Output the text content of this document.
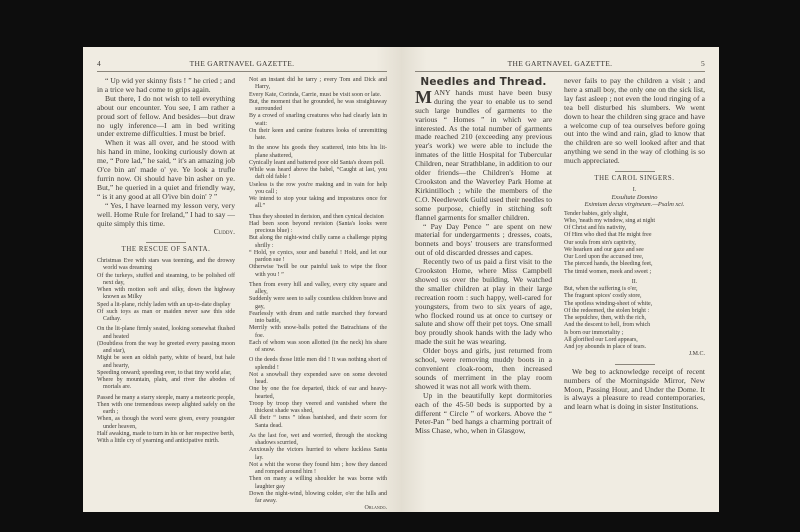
4	THE GARTNAVEL GAZETTE.

“ Up wid yer skinny fists ! ” he cried ; and in a trice we had come to grips again.

But there, I do not wish to tell everything about our encounter. You see, I am rather a proud sort of fellow. And besides—but draw no ugly inference—I am in bed writing under extreme difficulties. I must be brief.

When it was all over, and he stood with his hand in mine, looking curiously down at me, “ Pore lad,” he said, “ it's an amazing job O'ce bin an' made o' ye. Ye look a trufle furrin now. Oi should have bin asher on ye. But,” he queried in a quiet and friendly way, “ is it any good at all O'ive bin doin' ? ”

“ Yes, I have learned my lesson very, very well. Home Rule for Ireland,” I had to say — quite simply this time.

Cuddy.
THE RESCUE OF SANTA.

Christmas Eve with stars was teeming, and the drowsy world was dreaming

Of the turkeys, stuffed and steaming, to be polished off next day,

When with motion soft and silky, down the highway known as Milky

Sped a lit-plane, richly laden with an up-to-date display

Of such toys as man or maiden never saw this side Cathay.

On the lit-plane firmly seated, looking somewhat flushed and heated

(Doubtless from the way he greeted every passing moon and star),

Might be seen an oldish party, white of beard, but hale and hearty,

Speeding onward; speeding ever, to that tiny world afar,

Where by mountain, plain, and river the abodes of mortals are.

Passed he many a starry steeple, many a meteoric people,

Then with one tremendous sweep alighted safely on the earth ;

When, as though the word were given, every youngster under heaven,

Half awaking, made to turn in his or her respective berth,

With a little cry of yearning and anticipative mirth.

Not an instant did he tarry ; every Tom and Dick and Harry,

Every Kate, Corinda, Carrie, must be visit soon or late.

But, the moment that he grounded, he was straightaway surrounded

By a crowd of snarling creatures who had clearly lain in wait:

On their keen and canine features looks of unremitting hate.

In the snow his goods they scattered, into bits his lit-plane shattered,

Cynically leant and battered poor old Santa's dozen poll.

While was heard above the babel, “Caught at last, you daft old fable !

Useless is the row you're making and in vain for help you call ;

We intend to stop your taking and impostures once for all.”

Thus they shouted in derision, and then cynical decision

Had been soon beyond revision (Santa's looks were precious blue) :

But along the night-wind chilly came a challenge piping shrilly :

“ Hold, ye cynics, sour and baneful ! Hold, and let our pardon sue !

Otherwise 'twill be our painful task to wipe the floor with you ! ”

Then from every hill and valley, every city square and alley,

Suddenly were seen to sally countless children brave and gay,

Fearlessly with drum and rattle marched they forward into battle,

Merrily with snow-balls potted the Batrachians of the foe.

Each of whom was soon allotted (in the neck) his share of snow.

O the deeds those little men did ! It was nothing short of splendid !

Not a snowball they expended save on some devoted head.

One by one the foe departed, thick of ear and heavy-hearted,

Troop by troop they veered and vanished where the thickest shade was shed,

All their “ isms ” ideas banished, and their scorn for Santa dead.

As the last foe, wet and worried, through the stocking shadows scurried,

Anxiously the victors hurried to where luckless Santa lay.

Not a whit the worse they found him ; how they danced and romped around him !

Then on many a willing shoulder he was borne with laughter gay

Down the night-wind, blowing colder, o'er the hills and far away.

Orlando.
THE GARTNAVEL GAZETTE.	5
Needles and Thread.

MANY hands must have been busy during the year to enable us to send such large bundles of garments to the various “ Homes ” in which we are interested. As the total number of garments made reached 210 (exceeding any previous year's work) we were able to include the inmates of the little Hospital for Tubercular Children, near Strathblane, in addition to our older friends—the Children's Home at Crookston and the Waverley Park Home at Kirkintilloch ; while the members of the C.O. Needlework Guild used their needles to some purpose, chiefly in stitching soft flannel garments for smaller children.

“ Pay Day Pence ” are spent on new material for undergarments ; dresses, coats, bonnets and boys' trousers are transformed out of old discarded dresses and capes.

Recently two of us paid a first visit to the Crookston Home, where Miss Campbell showed us over the building. We watched the smaller children at play in their large recreation room : such happy, well-cared for youngsters, from two to six years of age, who flocked round us at once to curtsey or salute and show off their pet toys. One small boy proudly shook hands with the lady who made the suit he was wearing.

Older boys and girls, just returned from school, were removing muddy boots in a convenient cloak-room, then increased sounds of merriment in the play room showed it was not all work with them.

Up in the beautifully kept dormitories each of the 45-50 beds is supported by a different “ Circle ” of workers. Above the “ Peter-Pan ” bed hangs a charming portrait of Miss Chase, who, when in Glasgow,

never fails to pay the children a visit ; and here a small boy, the only one on the sick list, lay fast asleep ; not even the loud ringing of a tea bell disturbed his slumbers. We went down to hear the children sing grace and have a welcome cup of tea ourselves before going out into the wind and rain, glad to know that the children are so well looked after and that anything we send in the way of clothing is so much appreciated.

THE CAROL SINGERS.
I.
Exsultate Domino
Eximium decus virgineum.—Psalm xci.

Tender babies, girly slight,

Who, 'neath my window, sing at night

Of Christ and his nativity,

Of Him who died that He might free

Our souls from sin's captivity,

We hearken and our gaze and see

Our Lord upon the accursed tree,

The pierced hands, the bleeding feet,

The timid women, meek and sweet ;

II.

But, when the suffering is o'er,

The fragrant spices' costly store,

The spotless winding-sheet of white,

Of the redeemed, the stolen bright :

The sepulchre, then, with the rich,

And the descent to hell, from which

Is born our immortality ;

All glorified our Lord appears,

And joy abounds in place of tears.

J.M.C.

We beg to acknowledge receipt of recent numbers of the Morningside Mirror, New Moon, Passing Hour, and Under the Dome. It is always a pleasure to read contemporaries, and learn what is doing in sister Institutions.
